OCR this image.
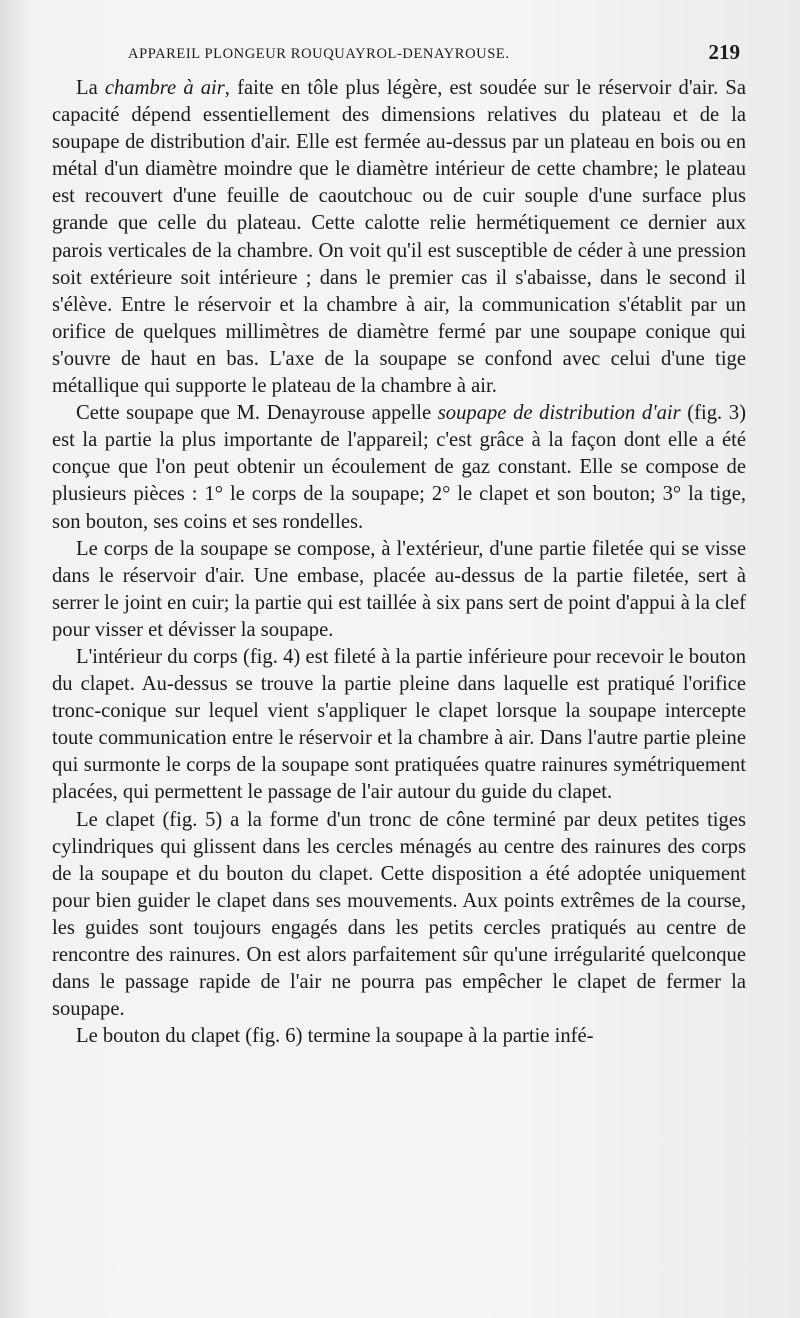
APPAREIL PLONGEUR ROUQUAYROL-DENAYROUSE.	219

La chambre à air, faite en tôle plus légère, est soudée sur le réservoir d'air. Sa capacité dépend essentiellement des dimensions relatives du plateau et de la soupape de distribution d'air. Elle est fermée au-dessus par un plateau en bois ou en métal d'un diamètre moindre que le diamètre intérieur de cette chambre; le plateau est recouvert d'une feuille de caoutchouc ou de cuir souple d'une surface plus grande que celle du plateau. Cette calotte relie hermétiquement ce dernier aux parois verticales de la chambre. On voit qu'il est susceptible de céder à une pression soit extérieure soit intérieure ; dans le premier cas il s'abaisse, dans le second il s'élève. Entre le réservoir et la chambre à air, la communication s'établit par un orifice de quelques millimètres de diamètre fermé par une soupape conique qui s'ouvre de haut en bas. L'axe de la soupape se confond avec celui d'une tige métallique qui supporte le plateau de la chambre à air.

Cette soupape que M. Denayrouse appelle soupape de distribution d'air (fig. 3) est la partie la plus importante de l'appareil; c'est grâce à la façon dont elle a été conçue que l'on peut obtenir un écoulement de gaz constant. Elle se compose de plusieurs pièces : 1° le corps de la soupape; 2° le clapet et son bouton; 3° la tige, son bouton, ses coins et ses rondelles.

Le corps de la soupape se compose, à l'extérieur, d'une partie filetée qui se visse dans le réservoir d'air. Une embase, placée au-dessus de la partie filetée, sert à serrer le joint en cuir; la partie qui est taillée à six pans sert de point d'appui à la clef pour visser et dévisser la soupape.

L'intérieur du corps (fig. 4) est fileté à la partie inférieure pour recevoir le bouton du clapet. Au-dessus se trouve la partie pleine dans laquelle est pratiqué l'orifice tronc-conique sur lequel vient s'appliquer le clapet lorsque la soupape intercepte toute communication entre le réservoir et la chambre à air. Dans l'autre partie pleine qui surmonte le corps de la soupape sont pratiquées quatre rainures symétriquement placées, qui permettent le passage de l'air autour du guide du clapet.

Le clapet (fig. 5) a la forme d'un tronc de cône terminé par deux petites tiges cylindriques qui glissent dans les cercles ménagés au centre des rainures des corps de la soupape et du bouton du clapet. Cette disposition a été adoptée uniquement pour bien guider le clapet dans ses mouvements. Aux points extrêmes de la course, les guides sont toujours engagés dans les petits cercles pratiqués au centre de rencontre des rainures. On est alors parfaitement sûr qu'une irrégularité quelconque dans le passage rapide de l'air ne pourra pas empêcher le clapet de fermer la soupape.

Le bouton du clapet (fig. 6) termine la soupape à la partie infé-
